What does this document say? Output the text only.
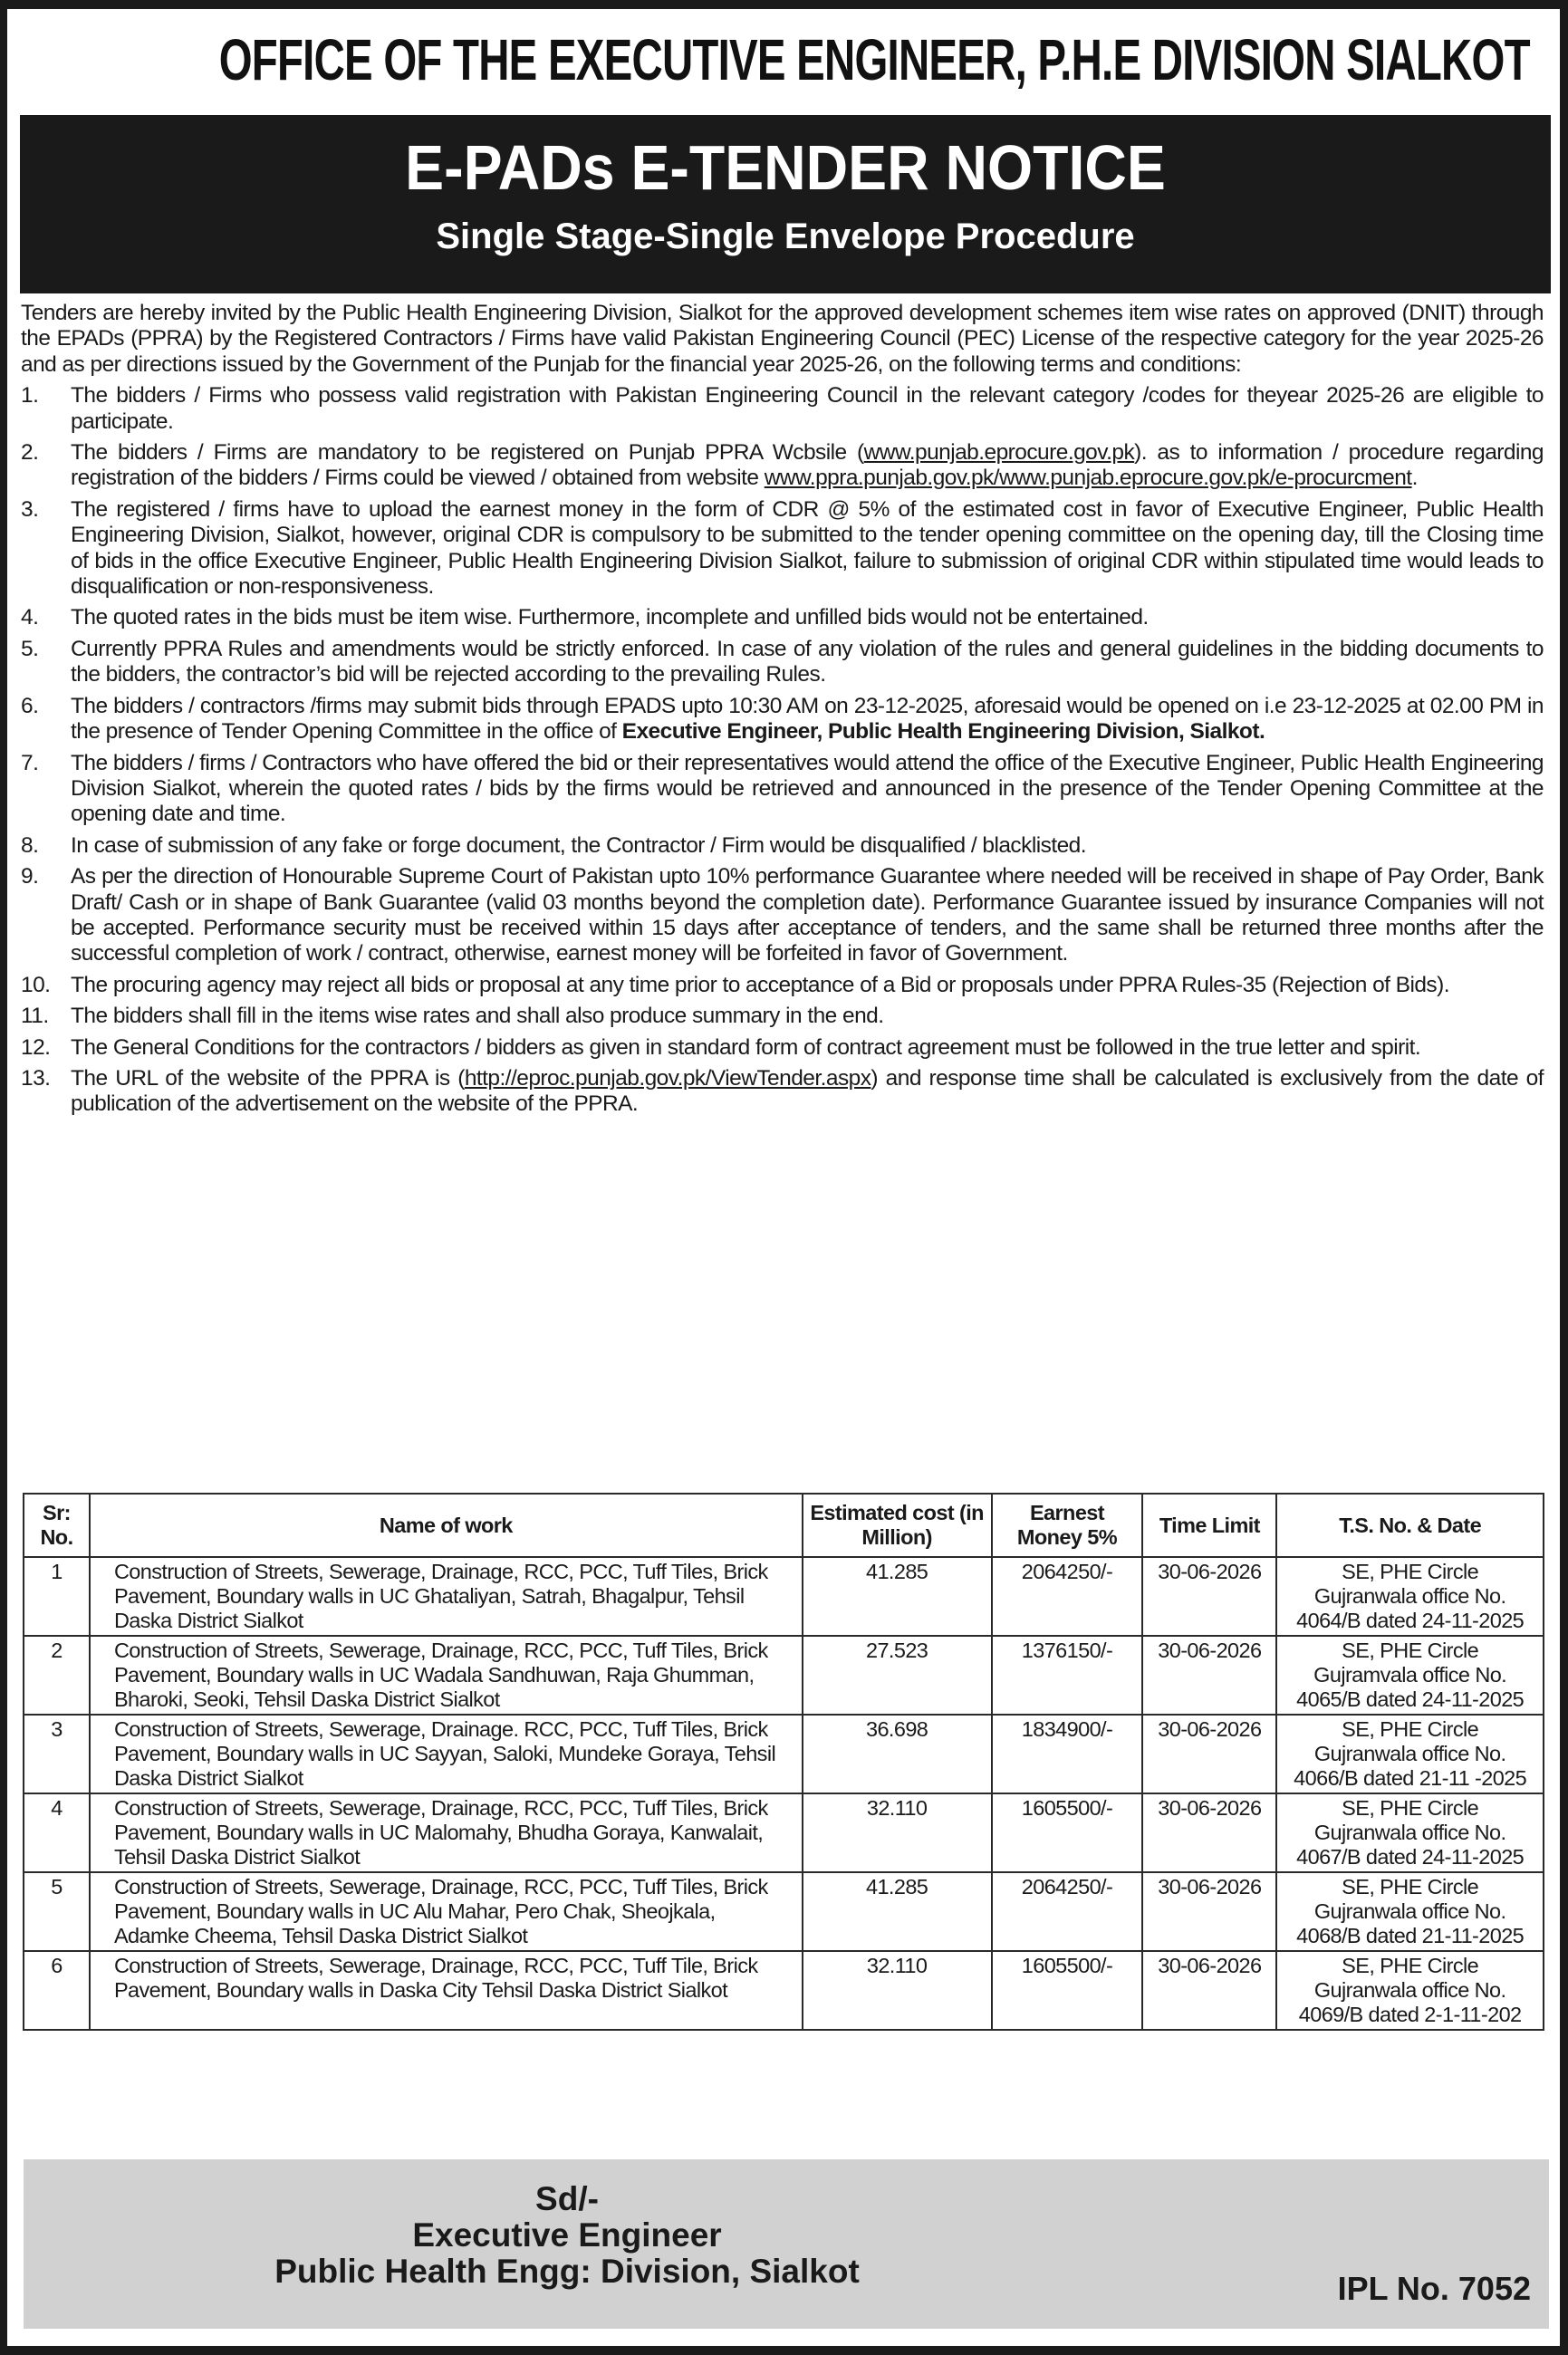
OFFICE OF THE EXECUTIVE ENGINEER, P.H.E DIVISION SIALKOT
E-PADs E-TENDER NOTICE
Single Stage-Single Envelope Procedure

Tenders are hereby invited by the Public Health Engineering Division, Sialkot for the approved development schemes item wise rates on approved (DNIT) through the EPADs (PPRA) by the Registered Contractors / Firms have valid Pakistan Engineering Council (PEC) License of the respective category for the year 2025-26 and as per directions issued by the Government of the Punjab for the financial year 2025-26, on the following terms and conditions:

1.	The bidders / Firms who possess valid registration with Pakistan Engineering Council in the relevant category /codes for theyear 2025-26 are eligible to participate.
2.	The bidders / Firms are mandatory to be registered on Punjab PPRA Wcbsile (www.punjab.eprocure.gov.pk). as to information / procedure regarding registration of the bidders / Firms could be viewed / obtained from website www.ppra.punjab.gov.pk/www.punjab.eprocure.gov.pk/e-procurcment.
3.	The registered / firms have to upload the earnest money in the form of CDR @ 5% of the estimated cost in favor of Executive Engineer, Public Health Engineering Division, Sialkot, however, original CDR is compulsory to be submitted to the tender opening committee on the opening day, till the Closing time of bids in the office Executive Engineer, Public Health Engineering Division Sialkot, failure to submission of original CDR within stipulated time would leads to disqualification or non-responsiveness.
4.	The quoted rates in the bids must be item wise. Furthermore, incomplete and unfilled bids would not be entertained.
5.	Currently PPRA Rules and amendments would be strictly enforced. In case of any violation of the rules and general guidelines in the bidding documents to the bidders, the contractor’s bid will be rejected according to the prevailing Rules.
6.	The bidders / contractors /firms may submit bids through EPADS upto 10:30 AM on 23-12-2025, aforesaid would be opened on i.e 23-12-2025 at 02.00 PM in the presence of Tender Opening Committee in the office of Executive Engineer, Public Health Engineering Division, Sialkot.
7.	The bidders / firms / Contractors who have offered the bid or their representatives would attend the office of the Executive Engineer, Public Health Engineering Division Sialkot, wherein the quoted rates / bids by the firms would be retrieved and announced in the presence of the Tender Opening Committee at the opening date and time.
8.	In case of submission of any fake or forge document, the Contractor / Firm would be disqualified / blacklisted.
9.	As per the direction of Honourable Supreme Court of Pakistan upto 10% performance Guarantee where needed will be received in shape of Pay Order, Bank Draft/ Cash or in shape of Bank Guarantee (valid 03 months beyond the completion date). Performance Guarantee issued by insurance Companies will not be accepted. Performance security must be received within 15 days after acceptance of tenders, and the same shall be returned three months after the successful completion of work / contract, otherwise, earnest money will be forfeited in favor of Government.
10. The procuring agency may reject all bids or proposal at any time prior to acceptance of a Bid or proposals under PPRA Rules-35 (Rejection of Bids).
11. The bidders shall fill in the items wise rates and shall also produce summary in the end.
12. The General Conditions for the contractors / bidders as given in standard form of contract agreement must be followed in the true letter and spirit.
13. The URL of the website of the PPRA is (http://eproc.punjab.gov.pk/ViewTender.aspx) and response time shall be calculated is exclusively from the date of publication of the advertisement on the website of the PPRA.
Sr: No.	Name of work	Estimated cost (in Million)	Earnest Money 5%	Time Limit	T.S. No. & Date
1	Construction of Streets, Sewerage, Drainage, RCC, PCC, Tuff Tiles, Brick Pavement, Boundary walls in UC Ghataliyan, Satrah, Bhagalpur, Tehsil Daska District Sialkot	41.285	2064250/-	30-06-2026	SE, PHE Circle
Gujranwala office No.
4064/B dated 24-11-2025

2	Construction of Streets, Sewerage, Drainage, RCC, PCC, Tuff Tiles, Brick Pavement, Boundary walls in UC Wadala Sandhuwan, Raja Ghumman, Bharoki, Seoki, Tehsil Daska District Sialkot	27.523	1376150/-	30-06-2026	SE, PHE Circle
Gujramvala office No.
4065/B dated 24-11-2025

3	Construction of Streets, Sewerage, Drainage. RCC, PCC, Tuff Tiles, Brick Pavement, Boundary walls in UC Sayyan, Saloki, Mundeke Goraya, Tehsil Daska District Sialkot	36.698	1834900/-	30-06-2026	SE, PHE Circle
Gujranwala office No.
4066/B dated 21-11 -2025

4	Construction of Streets, Sewerage, Drainage, RCC, PCC, Tuff Tiles, Brick Pavement, Boundary walls in UC Malomahy, Bhudha Goraya, Kanwalait, Tehsil Daska District Sialkot	32.110	1605500/-	30-06-2026	SE, PHE Circle
Gujranwala office No.
4067/B dated 24-11-2025

5	Construction of Streets, Sewerage, Drainage, RCC, PCC, Tuff Tiles, Brick Pavement, Boundary walls in UC Alu Mahar, Pero Chak, Sheojkala, Adamke Cheema, Tehsil Daska District Sialkot	41.285	2064250/-	30-06-2026	SE, PHE Circle
Gujranwala office No.
4068/B dated 21-11-2025

6	Construction of Streets, Sewerage, Drainage, RCC, PCC, Tuff Tile, Brick Pavement, Boundary walls in Daska City Tehsil Daska District Sialkot	32.110	1605500/-	30-06-2026	SE, PHE Circle
Gujranwala office No.
4069/B dated 2-1-11-202
Sd/-
Executive Engineer
Public Health Engg: Division, Sialkot	IPL No. 7052
